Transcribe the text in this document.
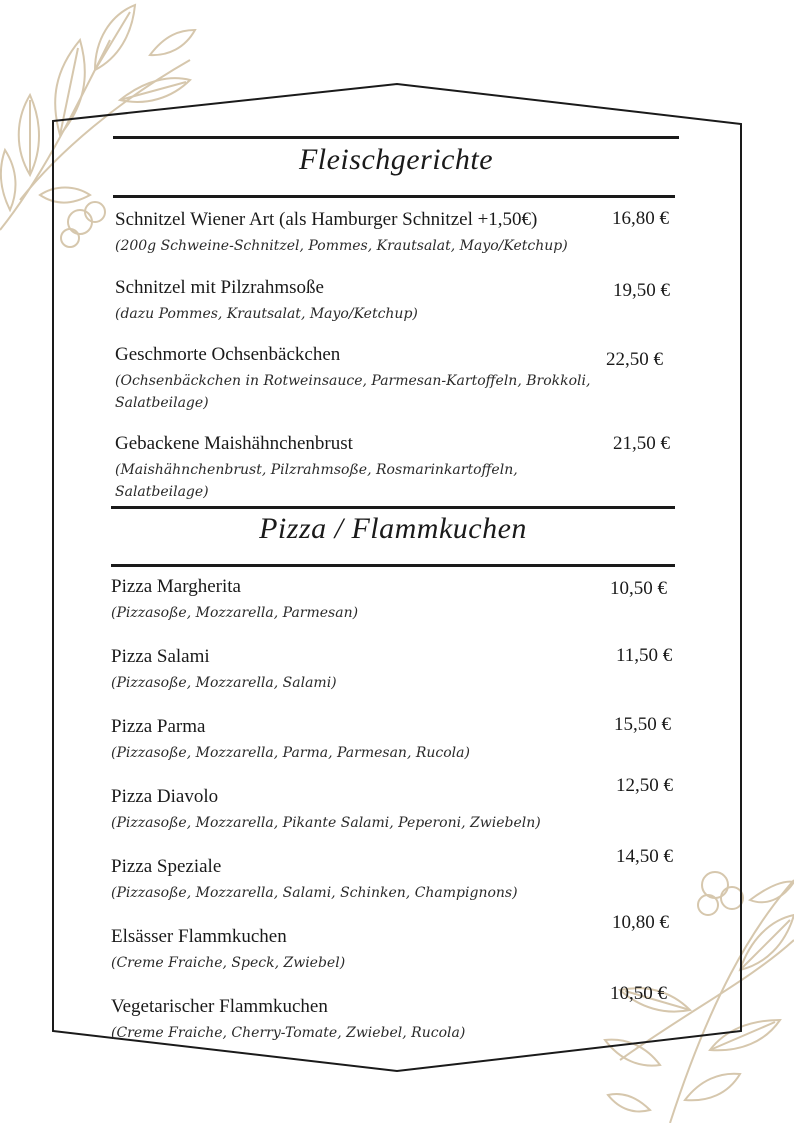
Fleischgerichte
Schnitzel Wiener Art (als Hamburger Schnitzel +1,50€)
(200g Schweine-Schnitzel, Pommes, Krautsalat, Mayo/Ketchup)
16,80 €
Schnitzel mit Pilzrahmsoße
(dazu Pommes, Krautsalat, Mayo/Ketchup)
19,50 €
Geschmorte Ochsenbäckchen
(Ochsenbäckchen in Rotweinsauce, Parmesan-Kartoffeln, Brokkoli, Salatbeilage)
22,50 €
Gebackene Maishähnchenbrust
(Maishähnchenbrust, Pilzrahmsoße, Rosmarinkartoffeln, Salatbeilage)
21,50 €
Pizza / Flammkuchen
Pizza Margherita
(Pizzasoße, Mozzarella, Parmesan)
10,50 €
Pizza Salami
(Pizzasoße, Mozzarella, Salami)
11,50 €
Pizza Parma
(Pizzasoße, Mozzarella, Parma, Parmesan, Rucola)
15,50 €
Pizza Diavolo
(Pizzasoße, Mozzarella, Pikante Salami, Peperoni, Zwiebeln)
12,50 €
Pizza Speziale
(Pizzasoße, Mozzarella, Salami, Schinken, Champignons)
14,50 €
Elsässer Flammkuchen
(Creme Fraiche, Speck, Zwiebel)
10,80 €
Vegetarischer Flammkuchen
(Creme Fraiche, Cherry-Tomate, Zwiebel, Rucola)
10,50 €
